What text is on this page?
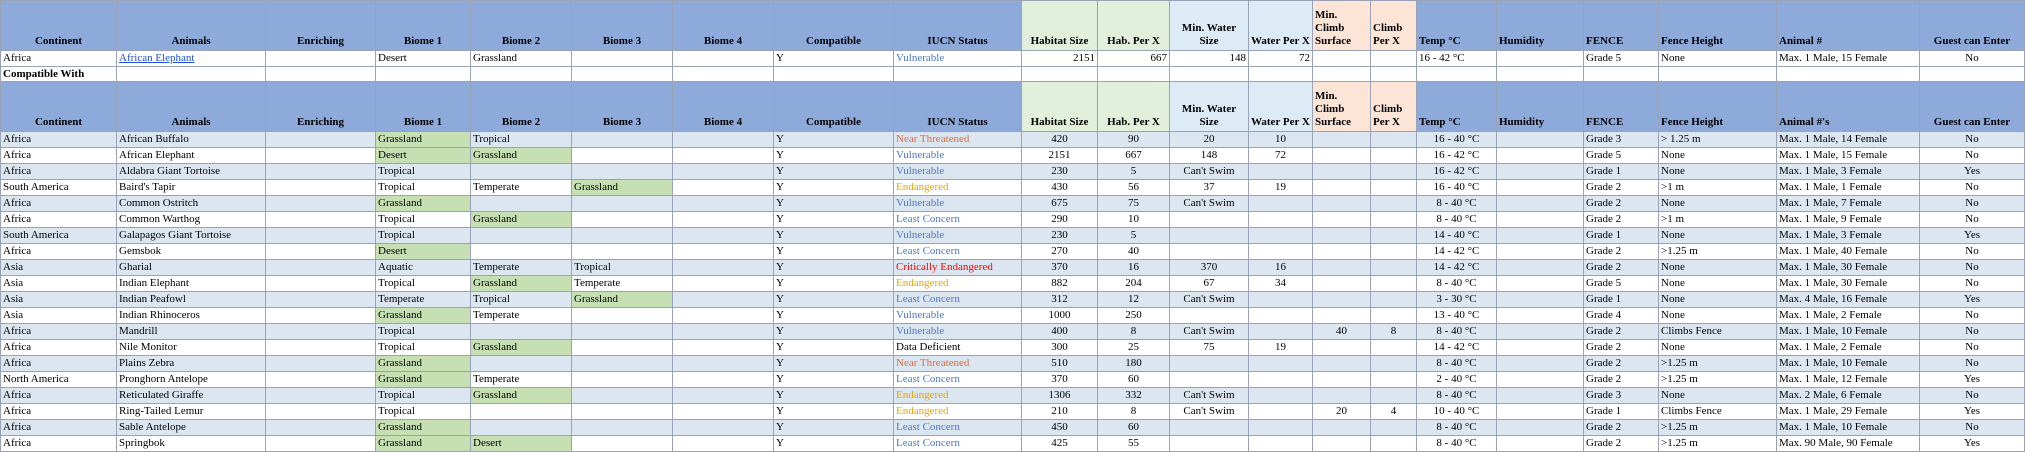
Continent	Animals	Enriching	Biome 1	Biome 2	Biome 3	Biome 4	Compatible	IUCN Status	Habitat Size	Hab. Per X	Min. Water Size	Water Per X	Min. Climb Surface	Climb Per X	Temp °C	Humidity	FENCE	Fence Height	Animal #	Guest can Enter
Africa	African Elephant		Desert	Grassland			Y	Vulnerable	2151	667	148	72			16 - 42 °C		Grade 5	None	Max. 1 Male, 15 Female	No
Compatible With																				
Continent	Animals	Enriching	Biome 1	Biome 2	Biome 3	Biome 4	Compatible	IUCN Status	Habitat Size	Hab. Per X	Min. Water Size	Water Per X	Min. Climb Surface	Climb Per X	Temp °C	Humidity	FENCE	Fence Height	Animal #'s	Guest can Enter
Africa	African Buffalo		Grassland	Tropical			Y	Near Threatened	420	90	20	10			16 - 40 °C		Grade 3	> 1.25 m	Max. 1 Male, 14 Female	No
Africa	African Elephant		Desert	Grassland			Y	Vulnerable	2151	667	148	72			16 - 42 °C		Grade 5	None	Max. 1 Male, 15 Female	No
Africa	Aldabra Giant Tortoise		Tropical				Y	Vulnerable	230	5	Can't Swim				16 - 42 °C		Grade 1	None	Max. 1 Male, 3 Female	Yes
South America	Baird's Tapir		Tropical	Temperate	Grassland		Y	Endangered	430	56	37	19			16 - 40 °C		Grade 2	>1 m	Max. 1 Male, 1 Female	No
Africa	Common Ostritch		Grassland				Y	Vulnerable	675	75	Can't Swim				8 - 40 °C		Grade 2	None	Max. 1 Male, 7 Female	No
Africa	Common Warthog		Tropical	Grassland			Y	Least Concern	290	10					8 - 40 °C		Grade 2	>1 m	Max. 1 Male, 9 Female	No
South America	Galapagos Giant Tortoise		Tropical				Y	Vulnerable	230	5					14 - 40 °C		Grade 1	None	Max. 1 Male, 3 Female	Yes
Africa	Gemsbok		Desert				Y	Least Concern	270	40					14 - 42 °C		Grade 2	>1.25 m	Max. 1 Male, 40 Female	No
Asia	Gharial		Aquatic	Temperate	Tropical		Y	Critically Endangered	370	16	370	16			14 - 42 °C		Grade 2	None	Max. 1 Male, 30 Female	No
Asia	Indian Elephant		Tropical	Grassland	Temperate		Y	Endangered	882	204	67	34			8 - 40 °C		Grade 5	None	Max. 1 Male, 30 Female	No
Asia	Indian Peafowl		Temperate	Tropical	Grassland		Y	Least Concern	312	12	Can't Swim				3 - 30 °C		Grade 1	None	Max. 4 Male, 16 Female	Yes
Asia	Indian Rhinoceros		Grassland	Temperate			Y	Vulnerable	1000	250					13 - 40 °C		Grade 4	None	Max. 1 Male, 2 Female	No
Africa	Mandrill		Tropical				Y	Vulnerable	400	8	Can't Swim		40	8	8 - 40 °C		Grade 2	Climbs Fence	Max. 1 Male, 10 Female	No
Africa	Nile Monitor		Tropical	Grassland			Y	Data Deficient	300	25	75	19			14 - 42 °C		Grade 2	None	Max. 1 Male, 2 Female	No
Africa	Plains Zebra		Grassland				Y	Near Threatened	510	180					8 - 40 °C		Grade 2	>1.25 m	Max. 1 Male, 10 Female	No
North America	Pronghorn Antelope		Grassland	Temperate			Y	Least Concern	370	60					2 - 40 °C		Grade 2	>1.25 m	Max. 1 Male, 12 Female	Yes
Africa	Reticulated Giraffe		Tropical	Grassland			Y	Endangered	1306	332	Can't Swim				8 - 40 °C		Grade 3	None	Max. 2 Male, 6 Female	No
Africa	Ring-Tailed Lemur		Tropical				Y	Endangered	210	8	Can't Swim		20	4	10 - 40 °C		Grade 1	Climbs Fence	Max. 1 Male, 29 Female	Yes
Africa	Sable Antelope		Grassland				Y	Least Concern	450	60					8 - 40 °C		Grade 2	>1.25 m	Max. 1 Male, 10 Female	No
Africa	Springbok		Grassland	Desert			Y	Least Concern	425	55					8 - 40 °C		Grade 2	>1.25 m	Max. 90 Male, 90 Female	Yes
